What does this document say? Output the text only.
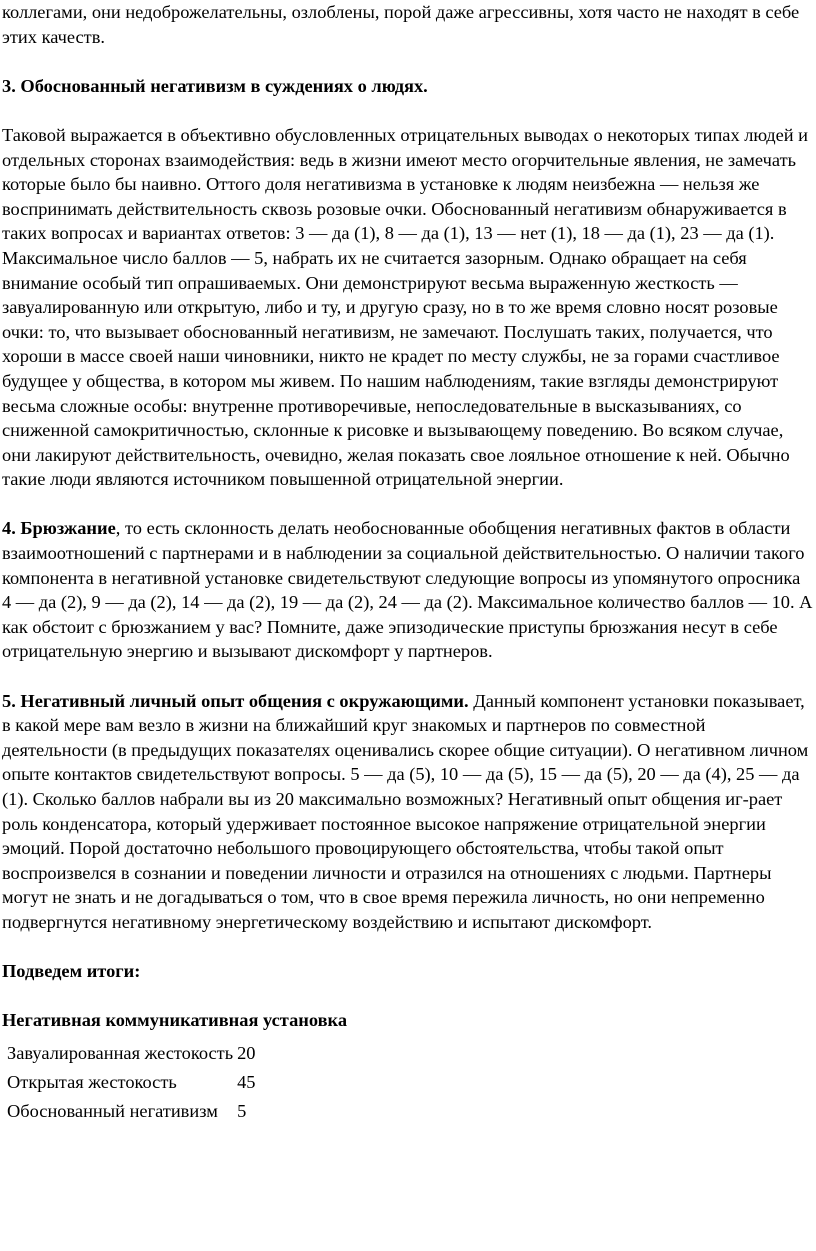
коллегами, они недоброжелательны, озлоблены, порой даже агрессивны, хотя часто не находят в себе этих качеств.

3. Обоснованный негативизм в суждениях о людях.

Таковой выражается в объективно обусловленных отрицательных выводах о некоторых типах людей и отдельных сторонах взаимодействия: ведь в жизни имеют место огорчительные явления, не замечать которые было бы наивно. Оттого доля негативизма в установке к людям неизбежна — нельзя же воспринимать действительность сквозь розовые очки. Обоснованный негативизм обнаруживается в таких вопросах и вариантах ответов: 3 — да (1), 8 — да (1), 13 — нет (1), 18 — да (1), 23 — да (1). Максимальное число баллов — 5, набрать их не считается зазорным. Однако обращает на себя внимание особый тип опрашиваемых. Они демонстрируют весьма выраженную жесткость — завуалированную или открытую, либо и ту, и другую сразу, но в то же время словно носят розовые очки: то, что вызывает обоснованный негативизм, не замечают. Послушать таких, получается, что хороши в массе своей наши чиновники, никто не крадет по месту службы, не за горами счастливое будущее у общества, в котором мы живем. По нашим наблюдениям, такие взгляды демонстрируют весьма сложные особы: внутренне противоречивые, непоследовательные в высказываниях, со сниженной самокритичностью, склонные к рисовке и вызывающему поведению. Во всяком случае, они лакируют действительность, очевидно, желая показать свое лояльное отношение к ней. Обычно такие люди являются источником повышенной отрицательной энергии.

4. Брюзжание, то есть склонность делать необоснованные обобщения негативных фактов в области взаимоотношений с партнерами и в наблюдении за социальной действительностью. О наличии такого компонента в негативной установке свидетельствуют следующие вопросы из упомянутого опросника 4 — да (2), 9 — да (2), 14 — да (2), 19 — да (2), 24 — да (2). Максимальное количество баллов — 10. А как обстоит с брюзжанием у вас? Помните, даже эпизодические приступы брюзжания несут в себе отрицательную энергию и вызывают дискомфорт у партнеров.

5. Негативный личный опыт общения с окружающими. Данный компонент установки показывает, в какой мере вам везло в жизни на ближайший круг знакомых и партнеров по совместной деятельности (в предыдущих показателях оценивались скорее общие ситуации). О негативном личном опыте контактов свидетельствуют вопросы. 5 — да (5), 10 — да (5), 15 — да (5), 20 — да (4), 25 — да (1). Сколько баллов набрали вы из 20 максимально возможных? Негативный опыт общения иг-рает роль конденсатора, который удерживает постоянное высокое напряжение отрицательной энергии эмоций. Порой достаточно небольшого провоцирующего обстоятельства, чтобы такой опыт воспроизвелся в сознании и поведении личности и отразился на отношениях с людьми. Партнеры могут не знать и не догадываться о том, что в свое время пережила личность, но они непременно подвергнутся негативному энергетическому воздействию и испытают дискомфорт.

Подведем итоги:

Негативная коммуникативная установка

Завуалированная жестокость	20
Открытая жестокость	45
Обоснованный негативизм	5
